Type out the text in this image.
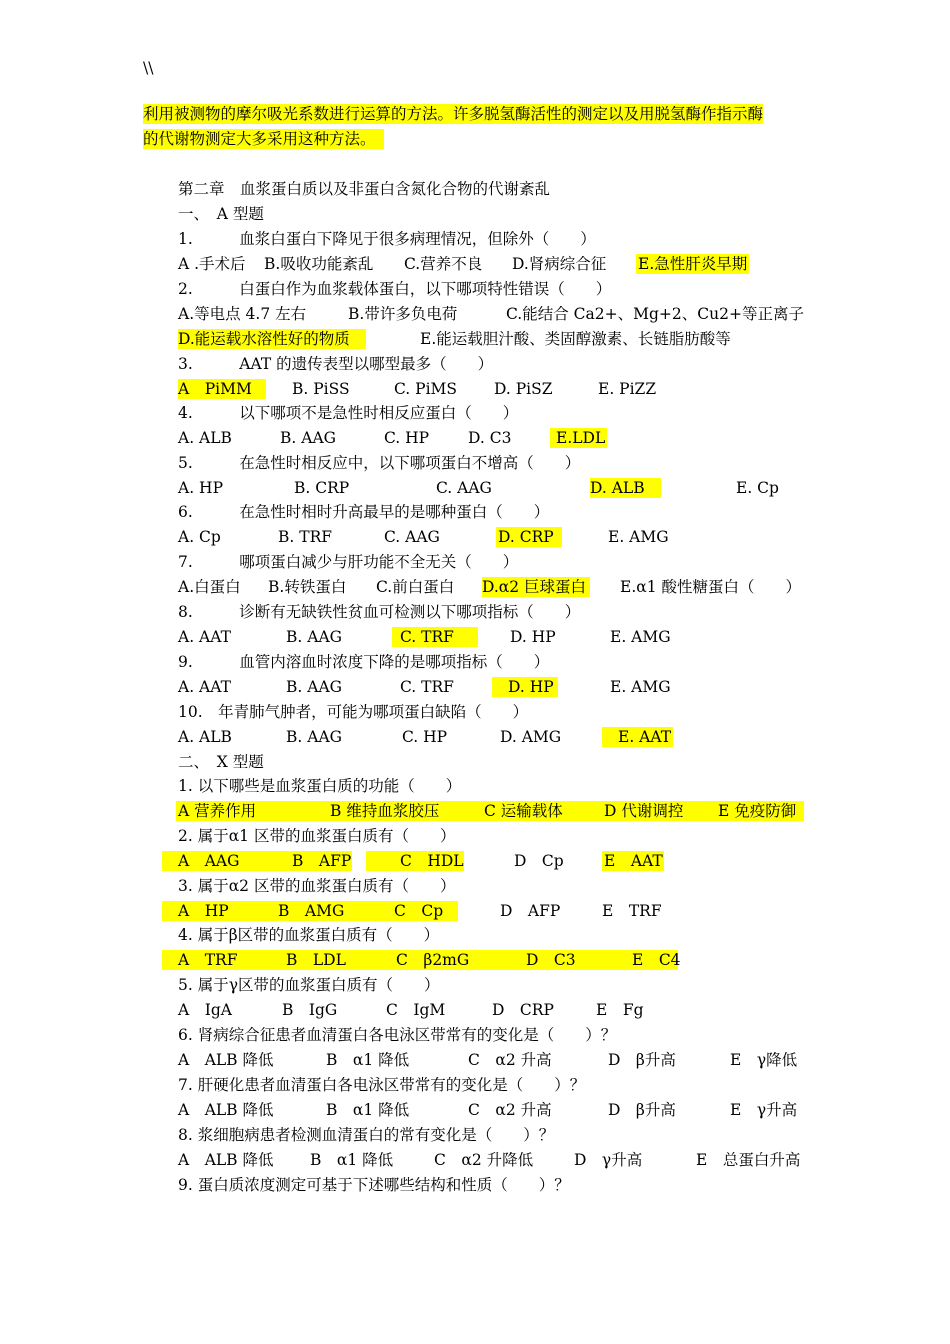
\\
利用被测物的摩尔吸光系数进行运算的方法。许多脱氢酶活性的测定以及用脱氢酶作指示酶
的代谢物测定大多采用这种方法。
第二章　血浆蛋白质以及非蛋白含氮化合物的代谢紊乱
一、　A 型题
1.　　　血浆白蛋白下降见于很多病理情况，但除外（　　）
A .手术后 B.吸收功能紊乱 C.营养不良 D.肾病综合征 E.急性肝炎早期
2.　　　白蛋白作为血浆载体蛋白，以下哪项特性错误（　　）
A.等电点 4.7 左右	B.带许多负电荷	C.能结合 Ca2+、Mg+2、Cu2+等正离子
D.能运载水溶性好的物质	E.能运载胆汁酸、类固醇激素、长链脂肪酸等
3.　　　AAT 的遗传表型以哪型最多（　　）
A　PiMM	B. PiSS	C. PiMS D. PiSZ	E. PiZZ
4.　　　以下哪项不是急性时相反应蛋白（　　）
A. ALB	B. AAG	C. HP	D. C3	E.LDL
5.　　　在急性时相反应中，以下哪项蛋白不增高（　　）
A. HP	B. CRP	C. AAG	D. ALB	E. Cp
6.　　　在急性时相时升高最早的是哪种蛋白（　　）
A. Cp	B. TRF	C. AAG	D. CRP	E. AMG
7.　　　哪项蛋白减少与肝功能不全无关（　　）
A.白蛋白 B.转铁蛋白 C.前白蛋白 D.α2 巨球蛋白 E.α1 酸性糖蛋白（　　）
8.　　　诊断有无缺铁性贫血可检测以下哪项指标（　　）
A. AAT	B. AAG	C. TRF	D. HP	E. AMG
9.　　　血管内溶血时浓度下降的是哪项指标（　　）
A. AAT	B. AAG	C. TRF	D. HP	E. AMG
10.　年青肺气肿者，可能为哪项蛋白缺陷（　　）
A. ALB	B. AAG	C. HP	D. AMG	E. AAT
二、　X 型题
1. 以下哪些是血浆蛋白质的功能（　　）
A 营养作用	B 维持血浆胶压	C 运输载体	D 代谢调控 E 免疫防御
2. 属于α1 区带的血浆蛋白质有（　　）
A　AAG	B　AFP	C　HDL	D　Cp	E　AAT
3. 属于α2 区带的血浆蛋白质有（　　）
A　HP	B　AMG	C　Cp	D　AFP	E　TRF
4. 属于β区带的血浆蛋白质有（　　）
A　TRF	B　LDL	C　β2mG	D　C3	E　C4
5. 属于γ区带的血浆蛋白质有（　　）
A　IgA	B　IgG	C　IgM	D　CRP	E　Fg
6. 肾病综合征患者血清蛋白各电泳区带常有的变化是（　　）？
A　ALB 降低	B　α1 降低	C　α2 升高	D　β升高	E　γ降低
7. 肝硬化患者血清蛋白各电泳区带常有的变化是（　　）？
A　ALB 降低	B　α1 降低	C　α2 升高	D　β升高	E　γ升高
8. 浆细胞病患者检测血清蛋白的常有变化是（　　）？
A　ALB 降低 B　α1 降低	C　α2 升降低	D　γ升高	E　总蛋白升高
9. 蛋白质浓度测定可基于下述哪些结构和性质（　　）？
